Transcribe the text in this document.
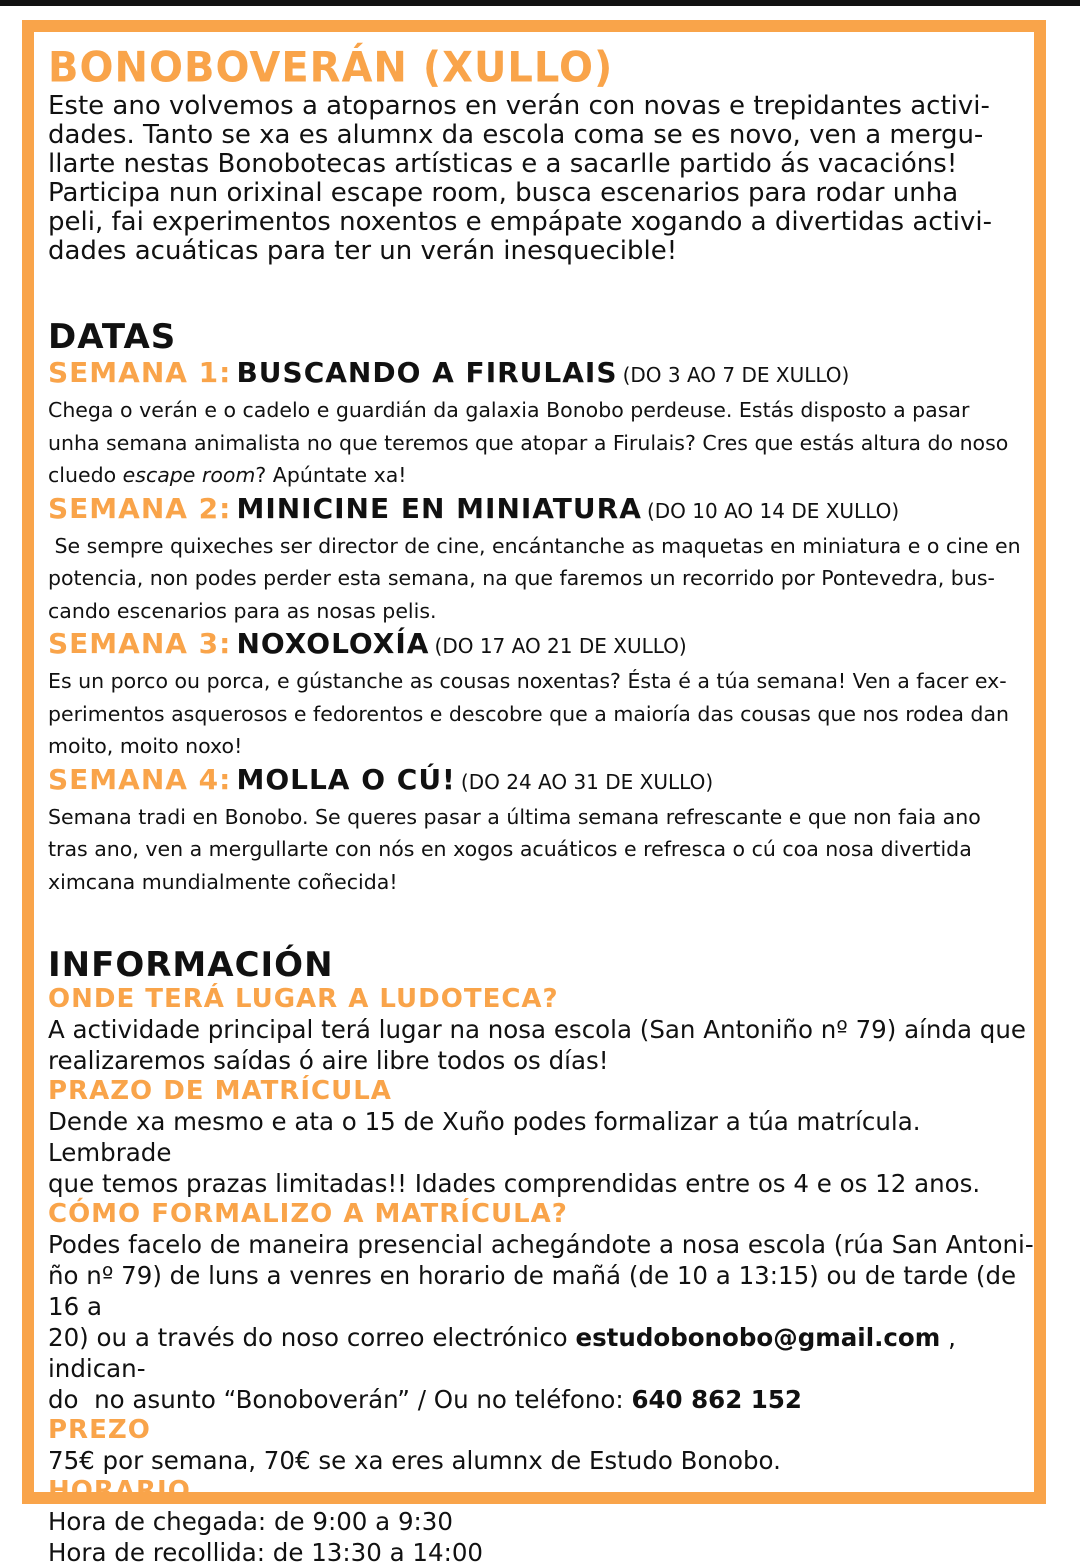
BONOBOVERÁN (XULLO)

Este ano volvemos a atoparnos en verán con novas e trepidantes activi-

dades. Tanto se xa es alumnx da escola coma se es novo, ven a mergu-

llarte nestas Bonobotecas artísticas e a sacarlle partido ás vacacións!

Participa nun orixinal escape room, busca escenarios para rodar unha

peli, fai experimentos noxentos e empápate xogando a divertidas activi-

dades acuáticas para ter un verán inesquecible!

DATAS

SEMANA 1: BUSCANDO A FIRULAIS (DO 3 AO 7 DE XULLO)

Chega o verán e o cadelo e guardián da galaxia Bonobo perdeuse. Estás disposto a pasar

unha semana animalista no que teremos que atopar a Firulais? Cres que estás altura do noso

cluedo escape room? Apúntate xa!

SEMANA 2: MINICINE EN MINIATURA (DO 10 AO 14 DE XULLO)

Se sempre quixeches ser director de cine, encántanche as maquetas en miniatura e o cine en

potencia, non podes perder esta semana, na que faremos un recorrido por Pontevedra, bus-

cando escenarios para as nosas pelis.

SEMANA 3: NOXOLOXÍA (DO 17 AO 21 DE XULLO)

Es un porco ou porca, e gústanche as cousas noxentas? Ésta é a túa semana! Ven a facer ex-

perimentos asquerosos e fedorentos e descobre que a maioría das cousas que nos rodea dan

moito, moito noxo!

SEMANA 4: MOLLA O CÚ! (DO 24 AO 31 DE XULLO)

Semana tradi en Bonobo. Se queres pasar a última semana refrescante e que non faia ano

tras ano, ven a mergullarte con nós en xogos acuáticos e refresca o cú coa nosa divertida

ximcana mundialmente coñecida!

INFORMACIÓN

ONDE TERÁ LUGAR A LUDOTECA?

A actividade principal terá lugar na nosa escola (San Antoniño nº 79) aínda que

realizaremos saídas ó aire libre todos os días!

PRAZO DE MATRÍCULA

Dende xa mesmo e ata o 15 de Xuño podes formalizar a túa matrícula. Lembrade

que temos prazas limitadas!! Idades comprendidas entre os 4 e os 12 anos.

CÓMO FORMALIZO A MATRÍCULA?

Podes facelo de maneira presencial achegándote a nosa escola (rúa San Antoni-

ño nº 79) de luns a venres en horario de mañá (de 10 a 13:15) ou de tarde (de 16 a

20) ou a través do noso correo electrónico estudobonobo@gmail.com , indican-

do  no asunto “Bonoboverán” / Ou no teléfono: 640 862 152

PREZO

75€ por semana, 70€ se xa eres alumnx de Estudo Bonobo.

HORARIO

Hora de chegada: de 9:00 a 9:30

Hora de recollida: de 13:30 a 14:00
